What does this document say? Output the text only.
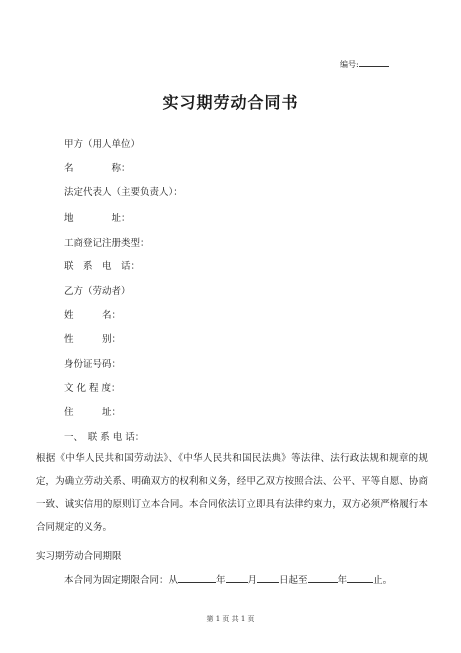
编号:
实习期劳动合同书
甲方（用人单位）
名　　　　称：
法定代表人（主要负责人）：
地　　　　址：
工商登记注册类型：
联　系　电　话：
乙方（劳动者）
姓　　　名：
性　　　别：
身份证号码：
文 化 程 度：
住　　　址：
一、　联 系 电 话：
根据《中华人民共和国劳动法》、《中华人民共和国民法典》等法律、法行政法规和规章的规定，为确立劳动关系、明确双方的权利和义务，经甲乙双方按照合法、公平、平等自愿、协商一致、诚实信用的原则订立本合同。本合同依法订立即具有法律约束力，双方必须严格履行本合同规定的义务。
实习期劳动合同期限
本合同为固定期限合同：从	年 月 日起至	年	止。
第 1 页 共 1 页
